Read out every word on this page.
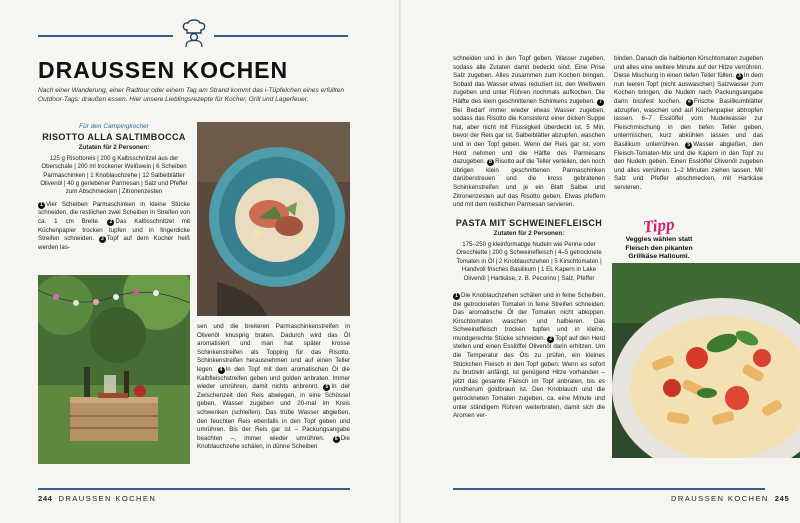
DRAUSSEN KOCHEN

Nach einer Wanderung, einer Radtour oder einem Tag am Strand kommt das i-Tüpfelchen eines erfüllten Outdoor-Tags: draußen essen. Hier unsere Lieblingsrezepte für Kocher, Grill und Lagerfeuer.

Für den Campingkocher
RISOTTO ALLA SALTIMBOCCA
Zutaten für 2 Personen:
125 g Risottoreis | 200 g Kalbsschnitzel aus der Oberschale | 200 ml trockener Weißwein | 6 Scheiben Parmaschinken | 1 Knoblauchzehe | 12 Salbeiblätter Olivenöl | 40 g geriebener Parmesan | Salz und Pfeffer zum Abschmecken | Zitronenzesten
1 Vier Scheiben Parmaschinken in kleine Stücke schneiden, die restlichen zwei Scheiben in Streifen von ca. 1 cm Breite. 2 Das Kalbsschnitzel mit Küchenpapier trocken tupfen und in fingerdicke Streifen schneiden. 3 Topf auf dem Kocher heiß werden las-
sen und die breiteren Parmaschinkenstreifen in Olivenöl knusprig braten. Dadurch wird das Öl aromatisiert und man hat später krosse Schinkenstreifen als Topping für das Risotto. Schinkenstreifen herausnehmen und auf einen Teller legen. 4 In den Topf mit dem aromatischen Öl die Kalbfleischstreifen geben und golden anbraten. Immer wieder umrühren, damit nichts anbrennt. 5 In der Zwischenzeit den Reis abwiegen, in eine Schüssel geben, Wasser zugeben und 20-mal im Kreis schwenken (schleifen). Das trübe Wasser abgießen, den feuchten Reis ebenfalls in den Topf geben und umrühren. Bis der Reis gar ist – Packungsangabe beachten –, immer wieder umrühren. 6 Die Knoblauchzehe schälen, in dünne Scheiben
244 DRAUSSEN KOCHEN
schneiden und in den Topf geben. Wasser zugeben, sodass alle Zutaten damit bedeckt sind. Eine Prise Salz zugeben. Alles zusammen zum Kochen bringen. Sobald das Wasser etwas reduziert ist, den Weißwein zugeben und unter Rühren nochmals aufkochen. Die Hälfte des klein geschnittenen Schinkens zugeben. 7Bei Bedarf immer wieder etwas Wasser zugeben, sodass das Risotto die Konsistenz einer dicken Suppe hat, aber nicht mit Flüssigkeit überdeckt ist. 5 Min. bevor der Reis gar ist, Salbeiblätter abzupfen, waschen und in den Topf geben. Wenn der Reis gar ist, vom Herd nehmen und die Hälfte des Parmesans dazugeben. 8 Risotto auf die Teller verteilen, den noch übrigen klein geschnittenen Parmaschinken darüberstreuen und die kross gebratenen Schinkenstreifen und je ein Blatt Salbei und Zitronenzesten auf das Risotto geben. Etwas pfeffern und mit dem restlichen Parmesan servieren.
PASTA MIT SCHWEINEFLEISCH
Zutaten für 2 Personen:
175–250 g kleinformatige Nudeln wie Penne oder Orecchiette | 200 g Schweinefleisch | 4–5 getrocknete Tomaten in Öl | 2 Knoblauchzehen | 5 Kirschtomaten | Handvoll frisches Basilikum | 1 EL Kapern in Lake Olivenöl | Hartkäse, z. B. Pecorino | Salz, Pfeffer
1 Die Knoblauchzehen schälen und in feine Scheiben, die getrockneten Tomaten in feine Streifen schneiden. Das aromatische Öl der Tomaten nicht abkippen. Kirschtomaten waschen und halbieren. Das Schweinefleisch trocken tupfen und in kleine, mundgerechte Stücke schneiden. 2 Topf auf den Herd stellen und einen Esslöffel Olivenöl darin erhitzen. Um die Temperatur des Öls zu prüfen, ein kleines Stückchen Fleisch in den Topf geben: Wenn es sofort zu brutzeln anfängt, ist genügend Hitze vorhanden – jetzt das gesamte Fleisch im Topf anbraten, bis es rundherum goldbraun ist. Den Knoblauch und die getrockneten Tomaten zugeben, ca. eine Minute und unter ständigem Rühren weiterbraten, damit sich die Aromen ver-
binden. Danach die halbierten Kirschtomaten zugeben und alles eine weitere Minute auf der Hitze verrühren. Diese Mischung in einen tiefen Teller füllen. 3 In dem nun leeren Topf (nicht auswaschen) Salzwasser zum Kochen bringen, die Nudeln nach Packungsangabe darin bissfest kochen. 4 Frische Basilikumblätter abzupfen, waschen und auf Küchenpapier abtropfen lassen. 6–7 Esslöffel vom Nudelwasser zur Fleischmischung in den tiefen Teller geben, untermischen, kurz abkühlen lassen und das Basilikum unterrühren. 5 Wasser abgießen, den Fleisch-Tomaten-Mix und die Kapern in den Topf zu den Nudeln geben. Einen Esslöffel Olivenöl zugeben und alles verrühren. 1–2 Minuten ziehen lassen. Mit Salz und Pfeffer abschmecken, mit Hartkäse servieren.
Tipp
Veggies wählen statt Fleisch den pikanten Grillkäse Halloumi.
DRAUSSEN KOCHEN 245
